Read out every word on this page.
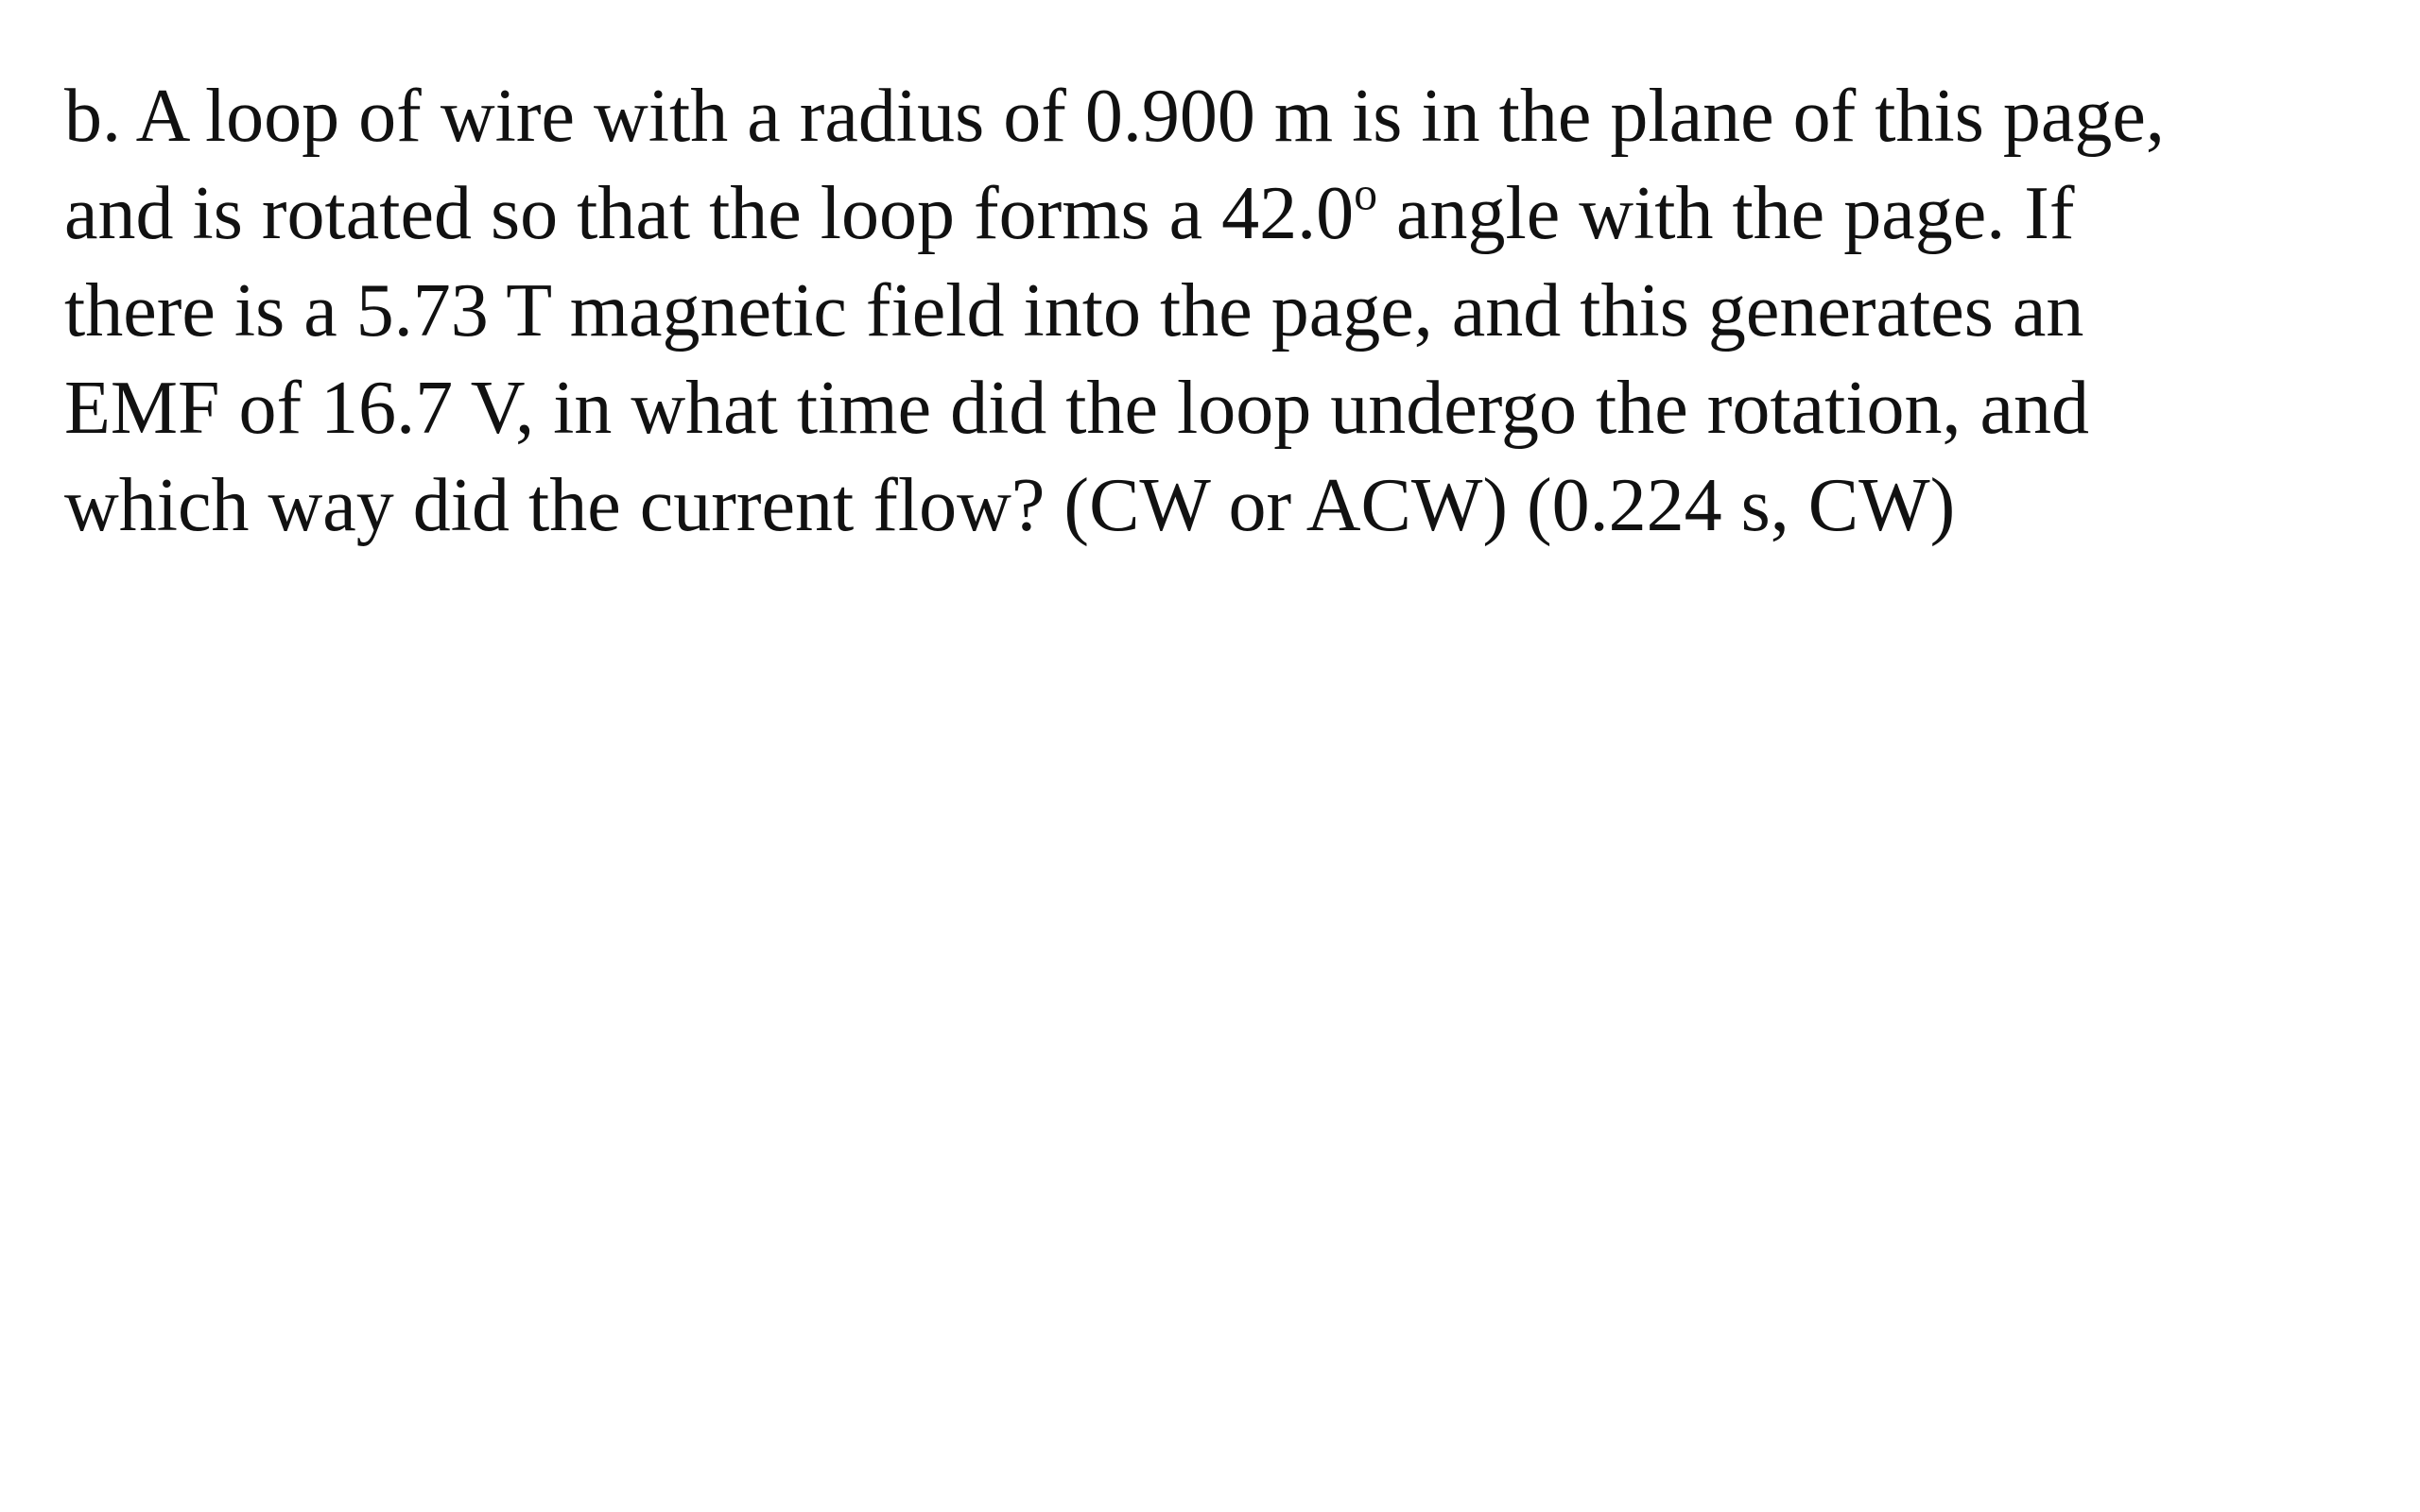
b. A loop of wire with a radius of 0.900 m is in the plane of this page,
and is rotated so that the loop forms a 42.0$^o$ angle with the page. If
there is a 5.73 T magnetic field into the page, and this generates an
EMF of 16.7 V, in what time did the loop undergo the rotation, and
which way did the current flow? (CW or ACW) (0.224 s, CW)
